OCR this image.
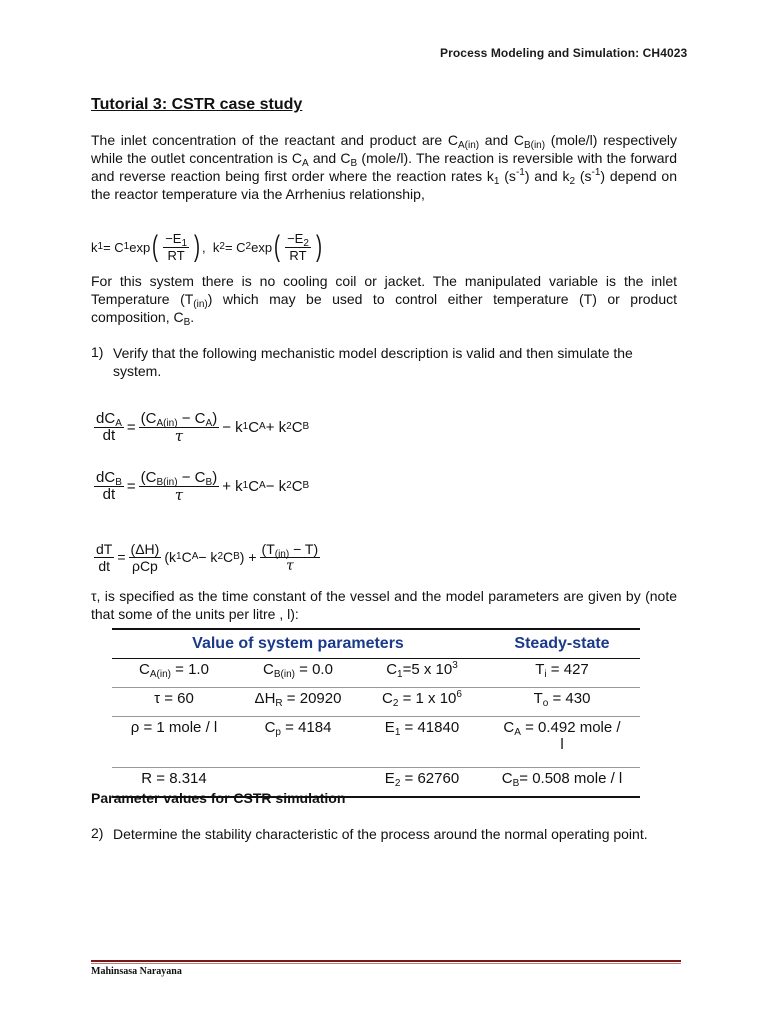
Process Modeling and Simulation: CH4023
Tutorial 3: CSTR case study

The inlet concentration of the reactant and product are $C_{A(in)}$ and $C_{B(in)}$ (mole/l) respectively while the outlet concentration is $C_A$ and $C_B$ (mole/l). The reaction is reversible with the forward and reverse reaction being first order where the reaction rates $k_1$ $(s^{-1})$ and $k_2$ $(s^{-1})$ depend on the reactor temperature via the Arrhenius relationship,

k 1 = C 1 exp ( $\frac{-E_1}{RT}$ ) ,
k 2 = C 2 exp ( $\frac{-E_2}{RT}$ )

For this system there is no cooling coil or jacket. The manipulated variable is the inlet Temperature $(T_{(in)})$ which may be used to control either temperature (T) or product composition, $C_B$.

1) Verify that the following mechanistic model description is valid and then simulate the system.
$\frac{dC_A}{dt} = \frac{(C_{A(in)} - C_A)}{\tau} - k$ 1 C A + k 2 C B
$\frac{dC_B}{dt} = \frac{(C_{B(in)} - C_B)}{\tau} + k$ 1 C A − k 2 C B
$\frac{dT}{dt} = \frac{(\Delta H)}{\text{ρCp}} (k$ 1 C A − k 2 C B ) + $\frac{(T_{(in)} - T)}{\tau}$
τ, is specified as the time constant of the vessel and the model parameters are given by (note that some of the units per litre , l):
Value of system parameters			Steady-state
$C_{A(in)} = 1.0$	$C_{B(in)} = 0.0$	$C_1=5$ x $10^3$	$T_i = 427$
τ = 60	$\Delta H_R = 20920$	$C_2 = 1$ x $10^6$	$T_o = 430$
ρ = 1 mole / l	$C_p = 4184$	$E_1 = 41840$	$C_A = 0.492$ mole /
l
R = 8.314		$E_2 = 62760$	$C_B= 0.508$ mole / l
Parameter values for CSTR simulation
2) Determine the stability characteristic of the process around the normal operating point.
Mahinsasa Narayana
